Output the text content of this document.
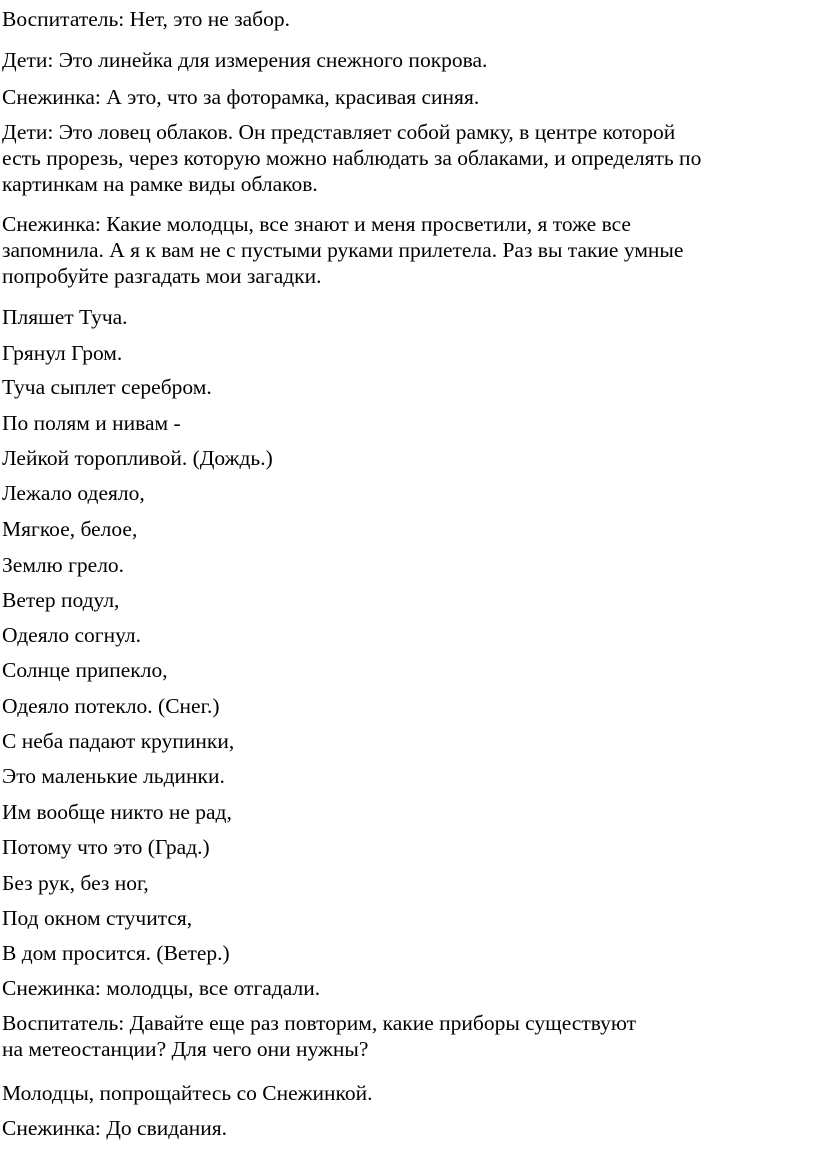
Воспитатель: Нет, это не забор.

Дети: Это линейка для измерения снежного покрова.

Снежинка: А это, что за фоторамка, красивая синяя.

Дети: Это ловец облаков. Он представляет собой рамку, в центре которой
есть прорезь, через которую можно наблюдать за облаками, и определять по
картинкам на рамке виды облаков.

Снежинка: Какие молодцы, все знают и меня просветили, я тоже все
запомнила. А я к вам не с пустыми руками прилетела. Раз вы такие умные
попробуйте разгадать мои загадки.

Пляшет Туча.

Грянул Гром.

Туча сыплет серебром.

По полям и нивам -

Лейкой торопливой. (Дождь.)

Лежало одеяло,

Мягкое, белое,

Землю грело.

Ветер подул,

Одеяло согнул.

Солнце припекло,

Одеяло потекло. (Снег.)

С неба падают крупинки,

Это маленькие льдинки.

Им вообще никто не рад,

Потому что это (Град.)

Без рук, без ног,

Под окном стучится,

В дом просится. (Ветер.)

Снежинка: молодцы, все отгадали.

Воспитатель: Давайте еще раз повторим, какие приборы существуют
на метеостанции? Для чего они нужны?

Молодцы, попрощайтесь со Снежинкой.

Снежинка: До свидания.
